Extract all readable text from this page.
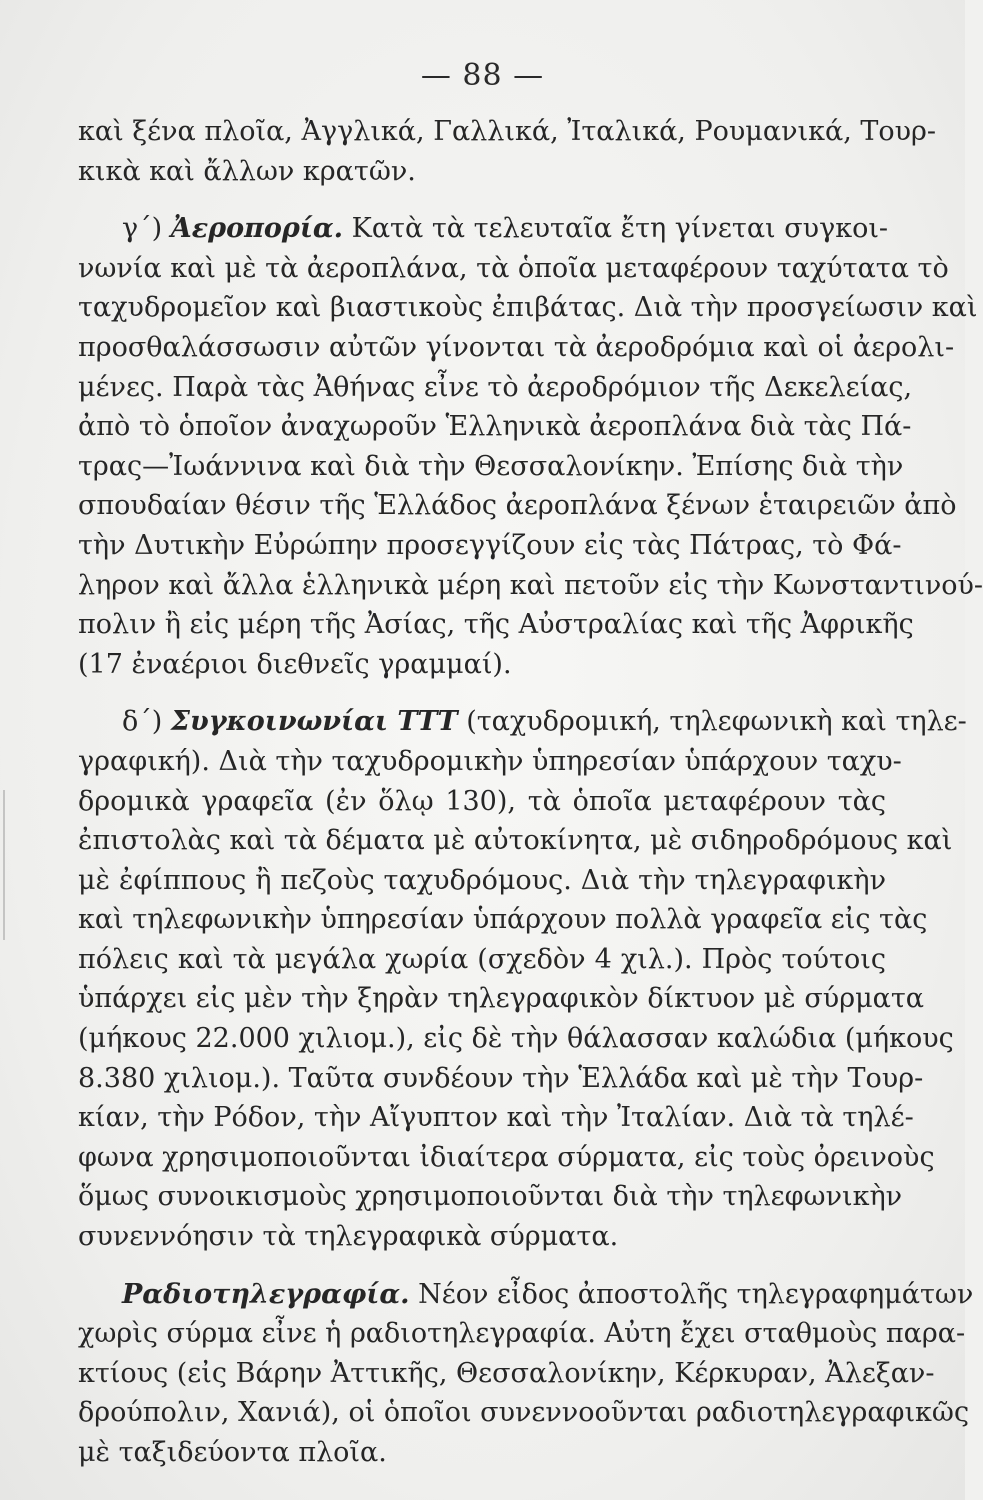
— 88 —
καὶ ξένα πλοῖα, Ἀγγλικά, Γαλλικά, Ἰταλικά, Ρουμανικά, Τουρ-
κικὰ καὶ ἄλλων κρατῶν.
γ΄) Ἀεροπορία. Κατὰ τὰ τελευταῖα ἔτη γίνεται συγκοι-
νωνία καὶ μὲ τὰ ἀεροπλάνα, τὰ ὁποῖα μεταφέρουν ταχύτατα τὸ
ταχυδρομεῖον καὶ βιαστικοὺς ἐπιβάτας. Διὰ τὴν προσγείωσιν καὶ
προσθαλάσσωσιν αὐτῶν γίνονται τὰ ἀεροδρόμια καὶ οἱ ἀερολι-
μένες. Παρὰ τὰς Ἀθήνας εἶνε τὸ ἀεροδρόμιον τῆς Δεκελείας,
ἀπὸ τὸ ὁποῖον ἀναχωροῦν Ἑλληνικὰ ἀεροπλάνα διὰ τὰς Πά-
τρας—Ἰωάννινα καὶ διὰ τὴν Θεσσαλονίκην. Ἐπίσης διὰ τὴν
σπουδαίαν θέσιν τῆς Ἑλλάδος ἀεροπλάνα ξένων ἑταιρειῶν ἀπὸ
τὴν Δυτικὴν Εὐρώπην προσεγγίζουν εἰς τὰς Πάτρας, τὸ Φά-
ληρον καὶ ἄλλα ἑλληνικὰ μέρη καὶ πετοῦν εἰς τὴν Κωνσταντινού-
πολιν ἢ εἰς μέρη τῆς Ἀσίας, τῆς Αὐστραλίας καὶ τῆς Ἀφρικῆς
(17 ἐναέριοι διεθνεῖς γραμμαί).
δ΄) Συγκοινωνίαι ΤΤΤ (ταχυδρομική, τηλεφωνικὴ καὶ τηλε-
γραφική). Διὰ τὴν ταχυδρομικὴν ὑπηρεσίαν ὑπάρχουν ταχυ-
δρομικὰ γραφεῖα (ἐν ὅλῳ 130), τὰ ὁποῖα μεταφέρουν τὰς
ἐπιστολὰς καὶ τὰ δέματα μὲ αὐτοκίνητα, μὲ σιδηροδρόμους καὶ
μὲ ἐφίππους ἢ πεζοὺς ταχυδρόμους. Διὰ τὴν τηλεγραφικὴν
καὶ τηλεφωνικὴν ὑπηρεσίαν ὑπάρχουν πολλὰ γραφεῖα εἰς τὰς
πόλεις καὶ τὰ μεγάλα χωρία (σχεδὸν 4 χιλ.). Πρὸς τούτοις
ὑπάρχει εἰς μὲν τὴν ξηρὰν τηλεγραφικὸν δίκτυον μὲ σύρματα
(μήκους 22.000 χιλιομ.), εἰς δὲ τὴν θάλασσαν καλώδια (μήκους
8.380 χιλιομ.). Ταῦτα συνδέουν τὴν Ἑλλάδα καὶ μὲ τὴν Τουρ-
κίαν, τὴν Ρόδον, τὴν Αἴγυπτον καὶ τὴν Ἰταλίαν. Διὰ τὰ τηλέ-
φωνα χρησιμοποιοῦνται ἰδιαίτερα σύρματα, εἰς τοὺς ὀρεινοὺς
ὅμως συνοικισμοὺς χρησιμοποιοῦνται διὰ τὴν τηλεφωνικὴν
συνεννόησιν τὰ τηλεγραφικὰ σύρματα.
Ραδιοτηλεγραφία. Νέον εἶδος ἀποστολῆς τηλεγραφημάτων
χωρὶς σύρμα εἶνε ἡ ραδιοτηλεγραφία. Αὐτη ἔχει σταθμοὺς παρα-
κτίους (εἰς Βάρην Ἀττικῆς, Θεσσαλονίκην, Κέρκυραν, Ἀλεξαν-
δρούπολιν, Χανιά), οἱ ὁποῖοι συνεννοοῦνται ραδιοτηλεγραφικῶς
μὲ ταξιδεύοντα πλοῖα.
